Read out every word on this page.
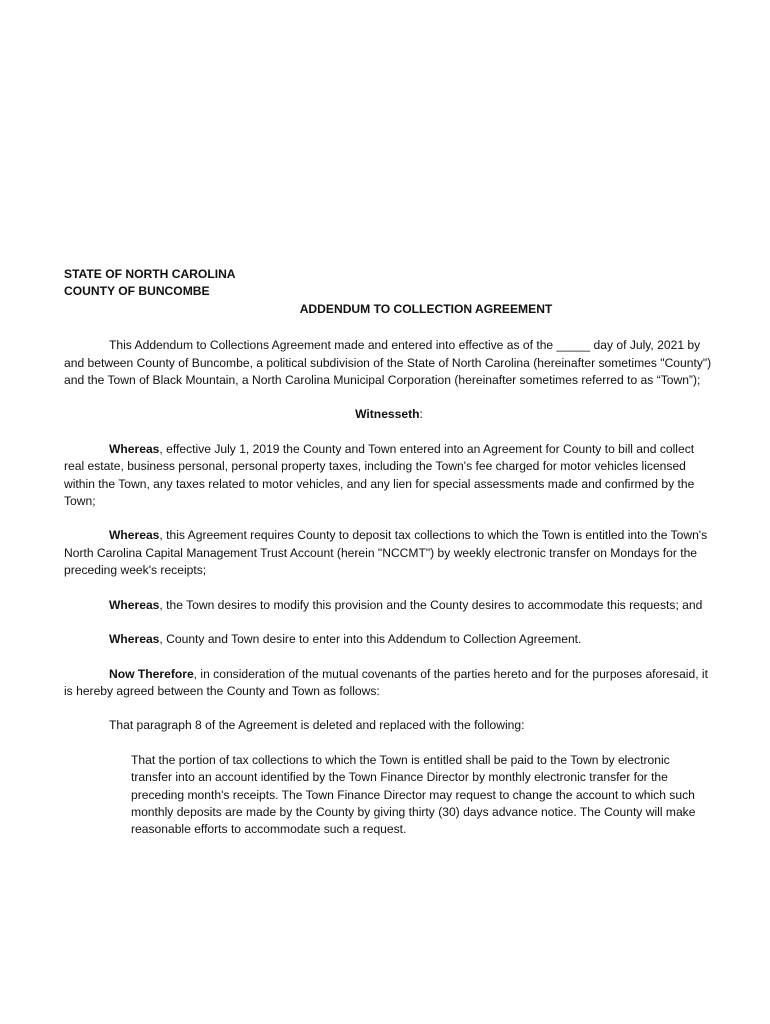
STATE OF NORTH CAROLINA

COUNTY OF BUNCOMBE

ADDENDUM TO COLLECTION AGREEMENT

This Addendum to Collections Agreement made and entered into effective as of the _____ day of July, 2021 by and between County of Buncombe, a political subdivision of the State of North Carolina (hereinafter sometimes "County") and the Town of Black Mountain, a North Carolina Municipal Corporation (hereinafter sometimes referred to as “Town”);

Witnesseth:

Whereas, effective July 1, 2019 the County and Town entered into an Agreement for County to bill and collect real estate, business personal, personal property taxes, including the Town's fee charged for motor vehicles licensed within the Town, any taxes related to motor vehicles, and any lien for special assessments made and confirmed by the Town;

Whereas, this Agreement requires County to deposit tax collections to which the Town is entitled into the Town's North Carolina Capital Management Trust Account (herein "NCCMT") by weekly electronic transfer on Mondays for the preceding week's receipts;

Whereas, the Town desires to modify this provision and the County desires to accommodate this requests; and

Whereas, County and Town desire to enter into this Addendum to Collection Agreement.

Now Therefore, in consideration of the mutual covenants of the parties hereto and for the purposes aforesaid, it is hereby agreed between the County and Town as follows:

That paragraph 8 of the Agreement is deleted and replaced with the following:

That the portion of tax collections to which the Town is entitled shall be paid to the Town by electronic transfer into an account identified by the Town Finance Director by monthly electronic transfer for the preceding month's receipts. The Town Finance Director may request to change the account to which such monthly deposits are made by the County by giving thirty (30) days advance notice. The County will make reasonable efforts to accommodate such a request.
